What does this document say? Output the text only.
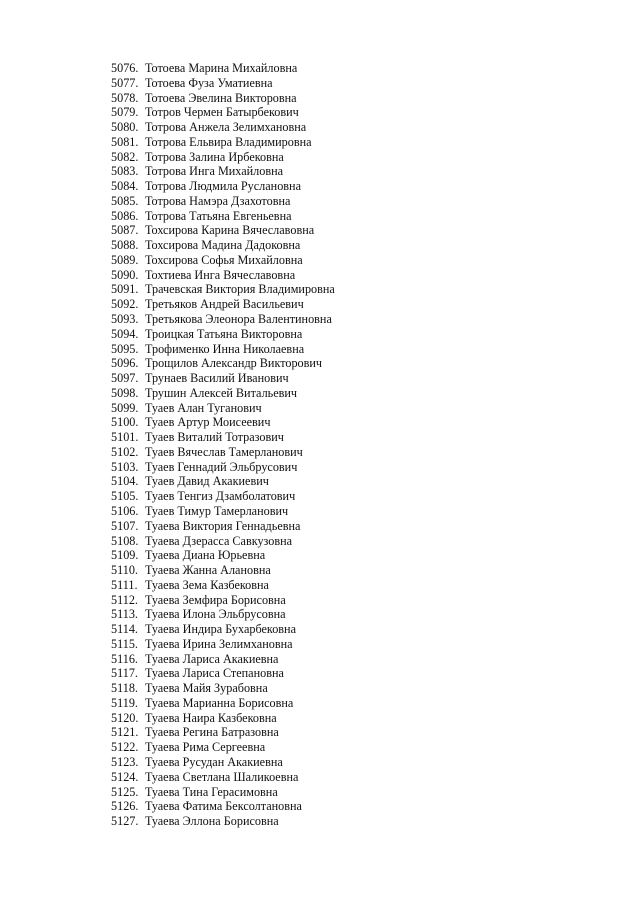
5076. Тотоева Марина Михайловна
5077. Тотоева Фуза Уматиевна
5078. Тотоева Эвелина Викторовна
5079. Тотров Чермен Батырбекович
5080. Тотрова Анжела Зелимхановна
5081. Тотрова Ельвира Владимировна
5082. Тотрова Залина Ирбековна
5083. Тотрова Инга Михайловна
5084. Тотрова Людмила Руслановна
5085. Тотрова Намэра Дзахотовна
5086. Тотрова Татьяна Евгеньевна
5087. Тохсирова Карина Вячеславовна
5088. Тохсирова Мадина Дадоковна
5089. Тохсирова Софья Михайловна
5090. Тохтиева Инга Вячеславовна
5091. Трачевская Виктория Владимировна
5092. Третьяков Андрей Васильевич
5093. Третьякова Элеонора Валентиновна
5094. Троицкая Татьяна Викторовна
5095. Трофименко Инна Николаевна
5096. Трощилов Александр Викторович
5097. Трунаев Василий Иванович
5098. Трушин Алексей Витальевич
5099. Туаев Алан Туганович
5100. Туаев Артур Моисеевич
5101. Туаев Виталий Тотразович
5102. Туаев Вячеслав Тамерланович
5103. Туаев Геннадий Эльбрусович
5104. Туаев Давид Акакиевич
5105. Туаев Тенгиз Дзамболатович
5106. Туаев Тимур Тамерланович
5107. Туаева Виктория Геннадьевна
5108. Туаева Дзерасса Савкузовна
5109. Туаева Диана Юрьевна
5110. Туаева Жанна Алановна
5111. Туаева Зема Казбековна
5112. Туаева Земфира Борисовна
5113. Туаева Илона Эльбрусовна
5114. Туаева Индира Бухарбековна
5115. Туаева Ирина Зелимхановна
5116. Туаева Лариса Акакиевна
5117. Туаева Лариса Степановна
5118. Туаева Майя Зурабовна
5119. Туаева Марианна Борисовна
5120. Туаева Наира Казбековна
5121. Туаева Регина Батразовна
5122. Туаева Рима Сергеевна
5123. Туаева Русудан Акакиевна
5124. Туаева Светлана Шаликоевна
5125. Туаева Тина Герасимовна
5126. Туаева Фатима Бексолтановна
5127. Туаева Эллона Борисовна
